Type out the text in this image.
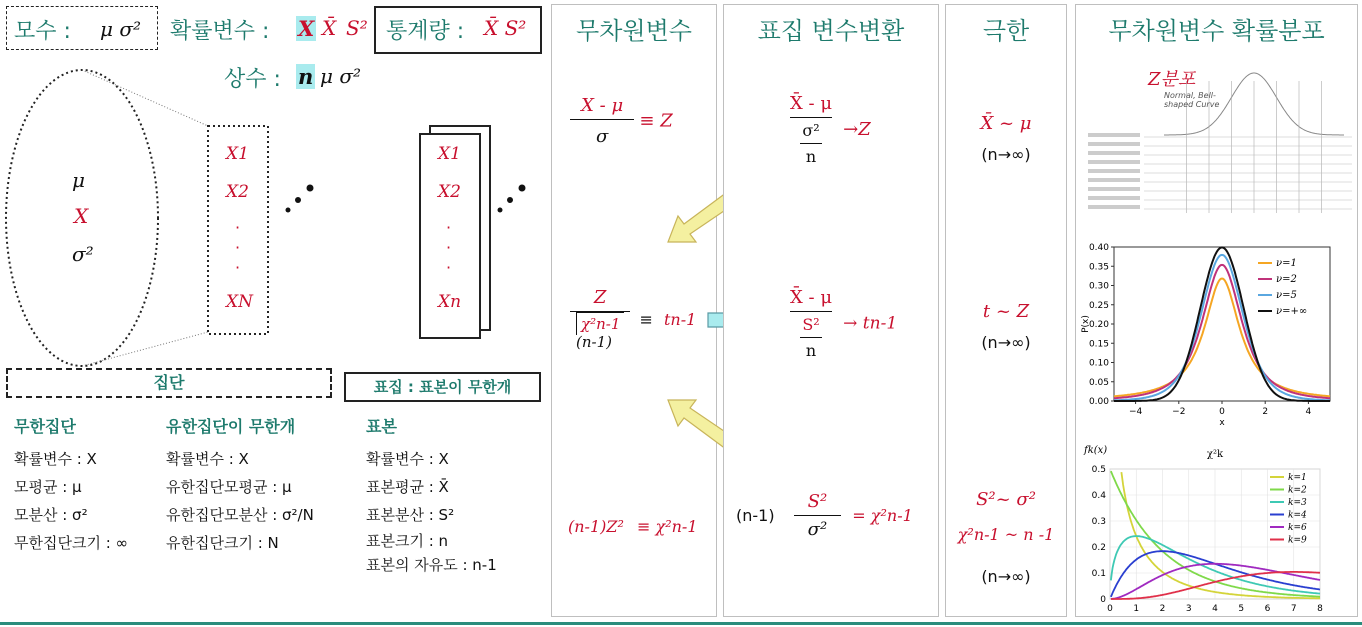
모수 : μ σ² 확률변수 : X X̄ S² 통계량 : X̄ S²
상수 : n μ σ²
μ
X
σ²
X1
X2
·
·
·
XN
X1
X2
·
·
·
Xn
집단	표집 : 표본이 무한개
무한집단
확률변수 : X
모평균 : μ
모분산 : σ²
무한집단크기 : ∞
유한집단이 무한개
확률변수 : X
유한집단모평균 : μ
유한집단모분산 : σ²/N
유한집단크기 : N
표본
확률변수 : X
표본평균 : X̄
표본분산 : S²
표본크기 : n
표본의 자유도 : n-1
무차원변수
$\frac{X - \mu}{\sigma} \equiv Z$
Z
χ²n-1
(n-1)
≡ tn-1
(n-1)Z² ≡ χ²n-1
표집 변수변환
$\frac{X̄ - \mu}{\frac{\text{σ²}}{n}} \to Z$
$\frac{X̄ - \mu}{\frac{\text{S²}}{n}} \to tn-1$
$(n-1) \frac{\text{S²}}{\text{σ²}} = \chi^2n-1$
극한
X̄ ~ μ
(n→∞)
t ~ Z
(n→∞)
S²~ σ²
χ²n-1 ~ n -1
(n→∞)
무차원변수 확률분포
Z분포
Normal, Bell-shaped Curve
0.00
0.05
0.10
0.15
0.20
0.25
0.30
0.35
0.40
−4	−2	0	2	4
x
P(x)
ν=1
ν=2
ν=5
ν=+∞
χ²k
fk(x)
0
0.1
0.2
0.3
0.4
0.5
0 1 2 3 4 5 6 7 8
k=1
k=2
k=3
k=4
k=6
k=9
